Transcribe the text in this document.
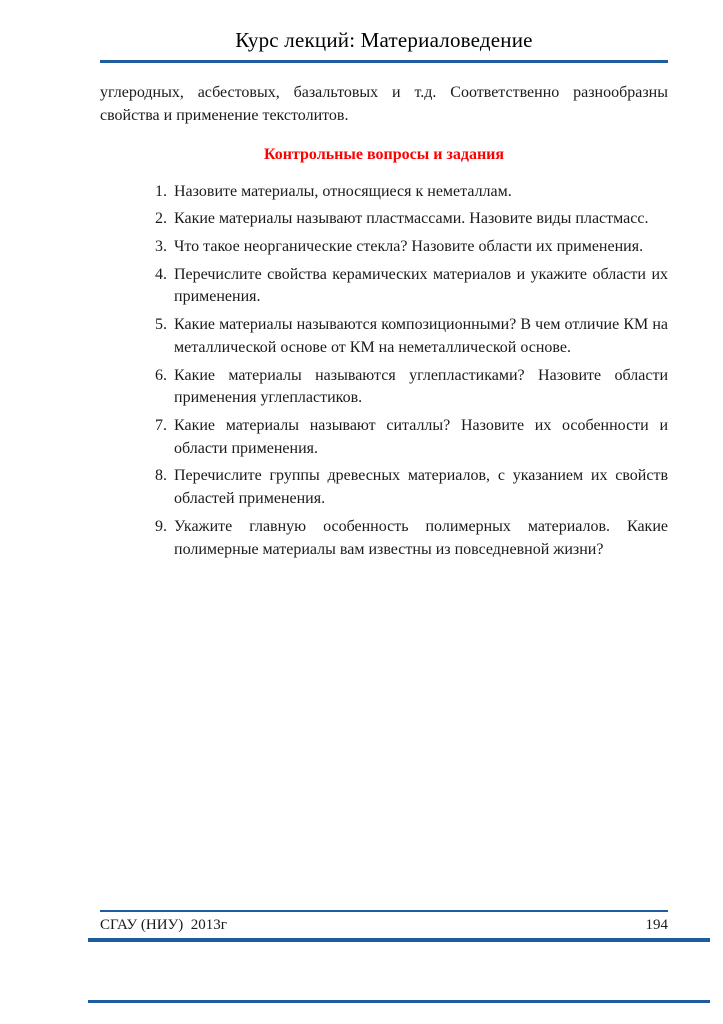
Курс лекций: Материаловедение

углеродных, асбестовых, базальтовых и т.д. Соответственно разнообразны свойства и применение текстолитов.

Контрольные вопросы и задания
1. Назовите материалы, относящиеся к неметаллам.
2. Какие материалы называют пластмассами. Назовите виды пластмасс.
3. Что такое неорганические стекла? Назовите области их применения.
4. Перечислите свойства керамических материалов и укажите области их применения.
5. Какие материалы называются композиционными? В чем отличие КМ на металлической основе от КМ на неметаллической основе.
6. Какие материалы называются углепластиками? Назовите области применения углепластиков.
7. Какие материалы называют ситаллы? Назовите их особенности и области применения.
8. Перечислите группы древесных материалов, с указанием их свойств областей применения.
9. Укажите главную особенность полимерных материалов. Какие полимерные материалы вам известны из повседневной жизни?
СГАУ (НИУ)  2013г	194
